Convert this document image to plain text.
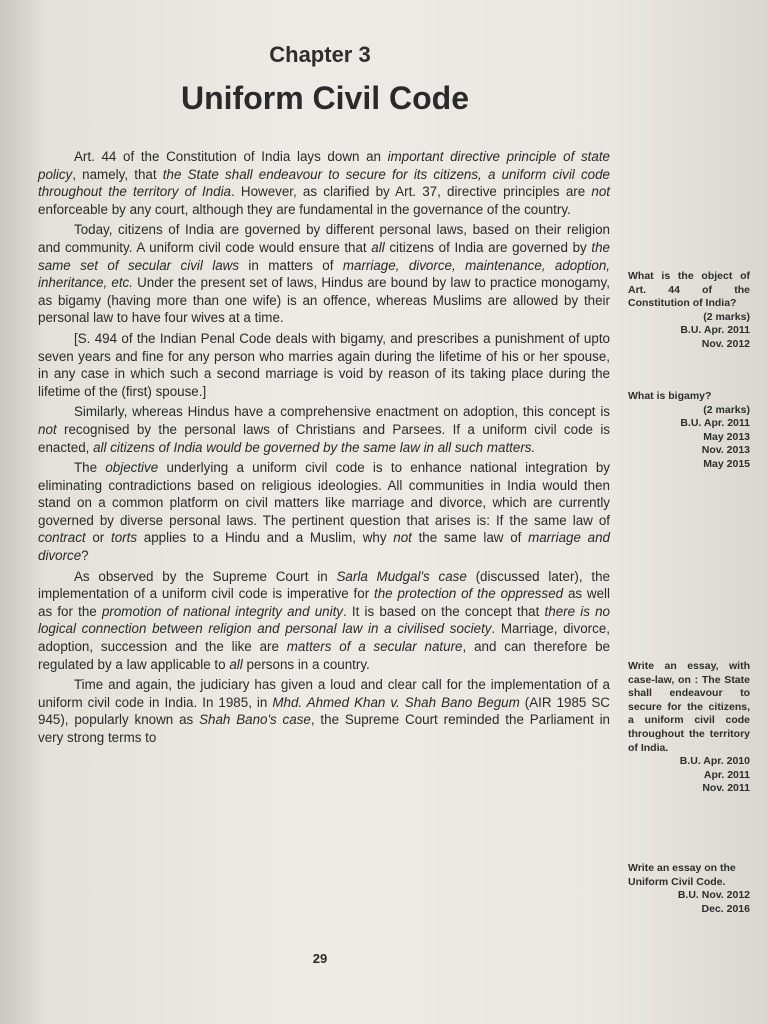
Chapter 3
Uniform Civil Code

Art. 44 of the Constitution of India lays down an important directive principle of state policy, namely, that the State shall endeavour to secure for its citizens, a uniform civil code throughout the territory of India. However, as clarified by Art. 37, directive principles are not enforceable by any court, although they are fundamental in the governance of the country.

Today, citizens of India are governed by different personal laws, based on their religion and community. A uniform civil code would ensure that all citizens of India are governed by the same set of secular civil laws in matters of marriage, divorce, maintenance, adoption, inheritance, etc. Under the present set of laws, Hindus are bound by law to practice monogamy, as bigamy (having more than one wife) is an offence, whereas Muslims are allowed by their personal law to have four wives at a time.

[S. 494 of the Indian Penal Code deals with bigamy, and prescribes a punishment of upto seven years and fine for any person who marries again during the lifetime of his or her spouse, in any case in which such a second marriage is void by reason of its taking place during the lifetime of the (first) spouse.]

Similarly, whereas Hindus have a comprehensive enactment on adoption, this concept is not recognised by the personal laws of Christians and Parsees. If a uniform civil code is enacted, all citizens of India would be governed by the same law in all such matters.

The objective underlying a uniform civil code is to enhance national integration by eliminating contradictions based on religious ideologies. All communities in India would then stand on a common platform on civil matters like marriage and divorce, which are currently governed by diverse personal laws. The pertinent question that arises is: If the same law of contract or torts applies to a Hindu and a Muslim, why not the same law of marriage and divorce?

As observed by the Supreme Court in Sarla Mudgal's case (discussed later), the implementation of a uniform civil code is imperative for the protection of the oppressed as well as for the promotion of national integrity and unity. It is based on the concept that there is no logical connection between religion and personal law in a civilised society. Marriage, divorce, adoption, succession and the like are matters of a secular nature, and can therefore be regulated by a law applicable to all persons in a country.

Time and again, the judiciary has given a loud and clear call for the implementation of a uniform civil code in India. In 1985, in Mhd. Ahmed Khan v. Shah Bano Begum (AIR 1985 SC 945), popularly known as Shah Bano's case, the Supreme Court reminded the Parliament in very strong terms to

What is the object of Art. 44 of the Constitution of India?
(2 marks)
B.U. Apr. 2011
Nov. 2012
What is bigamy?
(2 marks)
B.U. Apr. 2011
May 2013
Nov. 2013
May 2015
Write an essay, with case-law, on : The State shall endeavour to secure for the citizens, a uniform civil code throughout the territory of India.
B.U. Apr. 2010
Apr. 2011
Nov. 2011
Write an essay on the Uniform Civil Code.
B.U. Nov. 2012
Dec. 2016
29
